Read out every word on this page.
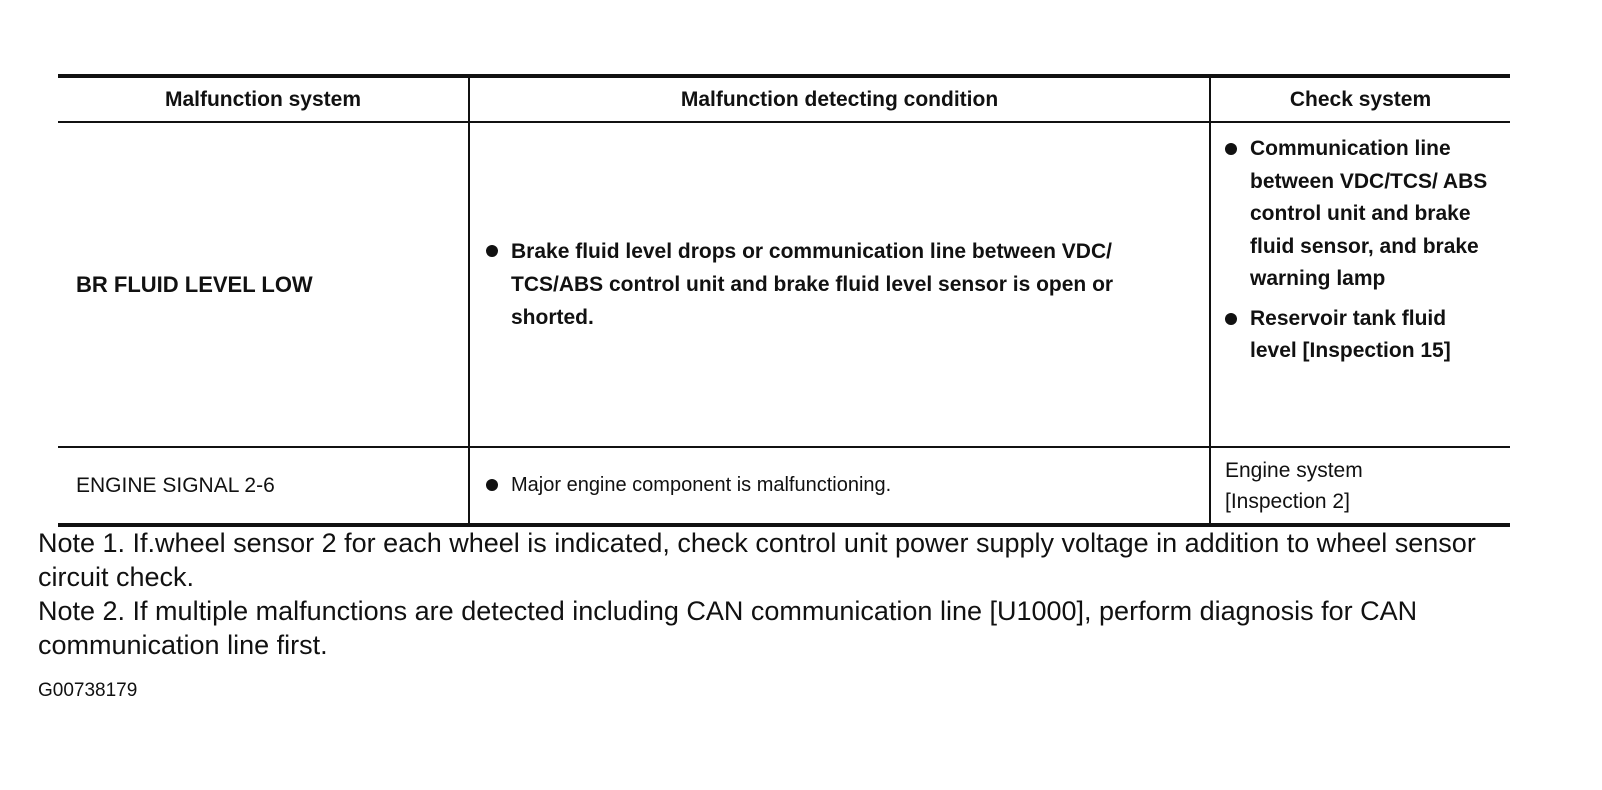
Malfunction system	Malfunction detecting condition	Check system
BR FLUID LEVEL LOW	Brake fluid level drops or communication line between VDC/ TCS/ABS control unit and brake fluid level sensor is open or shorted.	Communication line between VDC/TCS/ ABS control unit and brake fluid sensor, and brake warning lamp
Reservoir tank fluid level [Inspection 15]

ENGINE SIGNAL 2-6	Major engine component is malfunctioning.	Engine system
[Inspection 2]

Note 1. If.wheel sensor 2 for each wheel is indicated, check control unit power supply voltage in addition to wheel sensor circuit check.

Note 2. If multiple malfunctions are detected including CAN communication line [U1000], perform diagnosis for CAN communication line first.

G00738179
